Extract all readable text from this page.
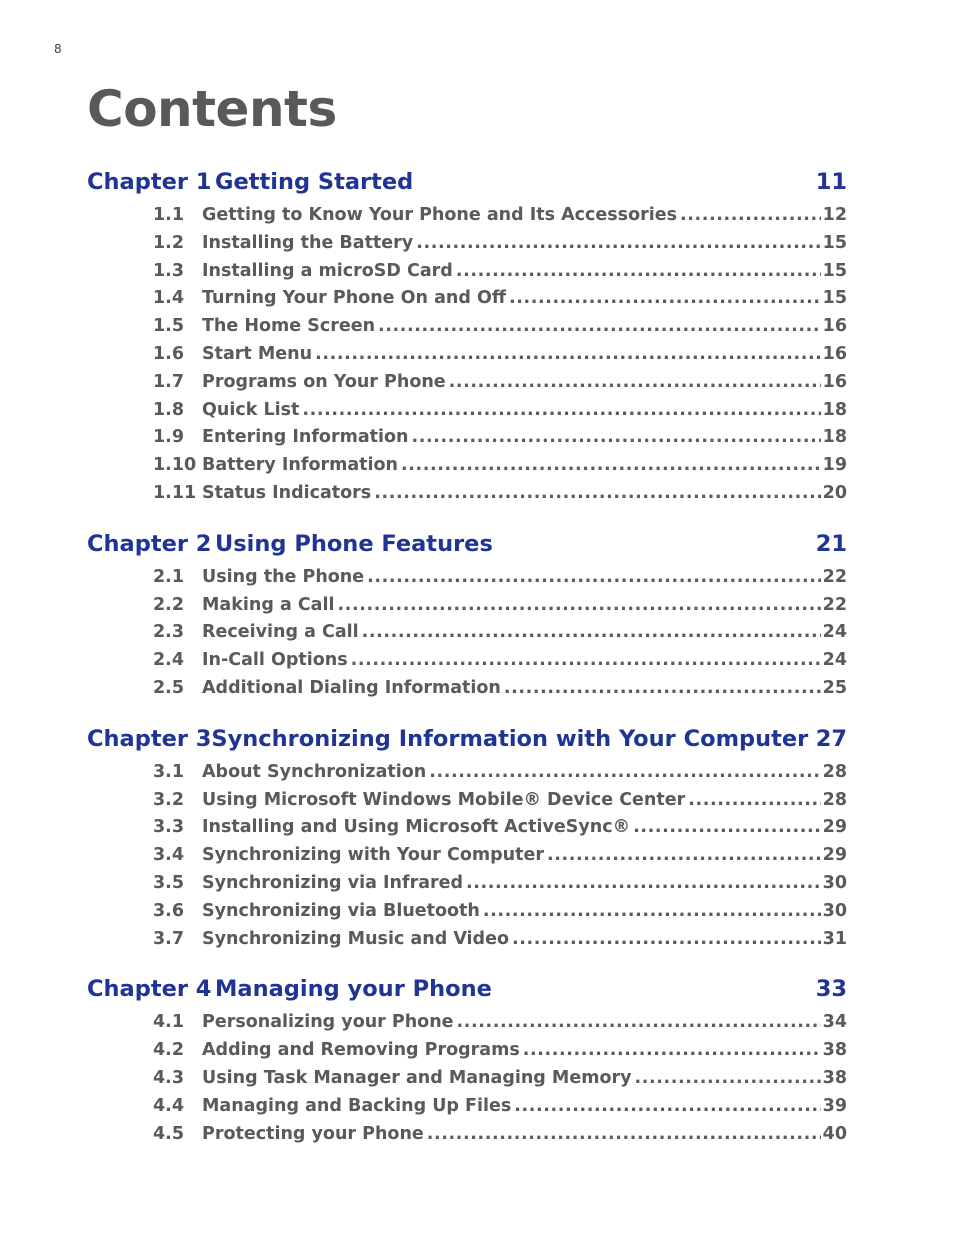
8
Contents
Chapter 1 Getting Started	11
1.1	Getting to Know Your Phone and Its Accessories .....	12
1.2	Installing the Battery .....	15
1.3	Installing a microSD Card .....	15
1.4	Turning Your Phone On and Off .....	15
1.5	The Home Screen .....	16
1.6	Start Menu .....	16
1.7	Programs on Your Phone .....	16
1.8	Quick List .....	18
1.9	Entering Information .....	18
1.10 Battery Information .....	19
1.11 Status Indicators .....	20
Chapter 2 Using Phone Features	21
2.1	Using the Phone .....	22
2.2	Making a Call .....	22
2.3	Receiving a Call .....	24
2.4	In-Call Options .....	24
2.5	Additional Dialing Information .....	25
Chapter 3 Synchronizing Information with Your Computer 27
3.1	About Synchronization .....	28
3.2	Using Microsoft Windows Mobile® Device Center .....	28
3.3	Installing and Using Microsoft ActiveSync® .....	29
3.4	Synchronizing with Your Computer .....	29
3.5	Synchronizing via Infrared .....	30
3.6	Synchronizing via Bluetooth .....	30
3.7	Synchronizing Music and Video .....	31
Chapter 4 Managing your Phone	33
4.1	Personalizing your Phone .....	34
4.2	Adding and Removing Programs .....	38
4.3	Using Task Manager and Managing Memory .....	38
4.4	Managing and Backing Up Files .....	39
4.5	Protecting your Phone .....	40
